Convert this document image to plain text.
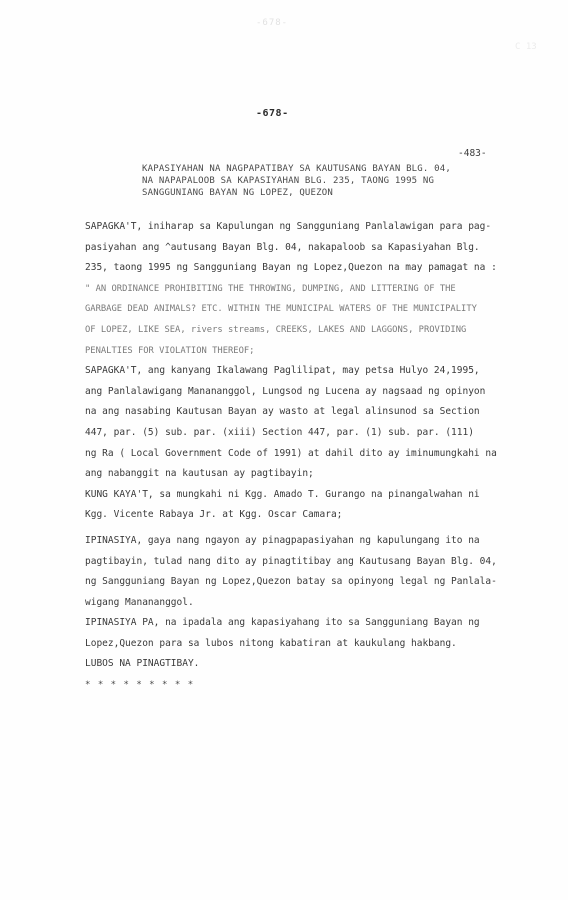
-678-
C 13
-678-
-483-
KAPASIYAHAN NA NAGPAPATIBAY SA KAUTUSANG BAYAN BLG. 04,
NA NAPAPALOOB SA KAPASIYAHAN BLG. 235, TAONG 1995 NG
SANGGUNIANG BAYAN NG LOPEZ, QUEZON
SAPAGKA'T, iniharap sa Kapulungan ng Sangguniang Panlalawigan para pag-
pasiyahan ang ^autusang Bayan Blg. 04, nakapaloob sa Kapasiyahan Blg.
235, taong 1995 ng Sangguniang Bayan ng Lopez,Quezon na may pamagat na :
" AN ORDINANCE PROHIBITING THE THROWING, DUMPING, AND LITTERING OF THE
GARBAGE DEAD ANIMALS? ETC. WITHIN THE MUNICIPAL WATERS OF THE MUNICIPALITY
OF LOPEZ, LIKE SEA, rivers streams, CREEKS, LAKES AND LAGGONS, PROVIDING
PENALTIES FOR VIOLATION THEREOF;
SAPAGKA'T, ang kanyang Ikalawang Paglilipat, may petsa Hulyo 24,1995,
ang Panlalawigang Manananggol, Lungsod ng Lucena ay nagsaad ng opinyon
na ang nasabing Kautusan Bayan ay wasto at legal alinsunod sa Section
447, par. (5) sub. par. (xiii) Section 447, par. (1) sub. par. (111)
ng Ra ( Local Government Code of 1991) at dahil dito ay iminumungkahi na
ang nabanggit na kautusan ay pagtibayin;
KUNG KAYA'T, sa mungkahi ni Kgg. Amado T. Gurango na pinangalwahan ni
Kgg. Vicente Rabaya Jr. at Kgg. Oscar Camara;
IPINASIYA, gaya nang ngayon ay pinagpapasiyahan ng kapulungang ito na
pagtibayin, tulad nang dito ay pinagtitibay ang Kautusang Bayan Blg. 04,
ng Sangguniang Bayan ng Lopez,Quezon batay sa opinyong legal ng Panlala-
wigang Manananggol.
IPINASIYA PA, na ipadala ang kapasiyahang ito sa Sangguniang Bayan ng
Lopez,Quezon para sa lubos nitong kabatiran at kaukulang hakbang.
LUBOS NA PINAGTIBAY.
* * * * * * * * *
